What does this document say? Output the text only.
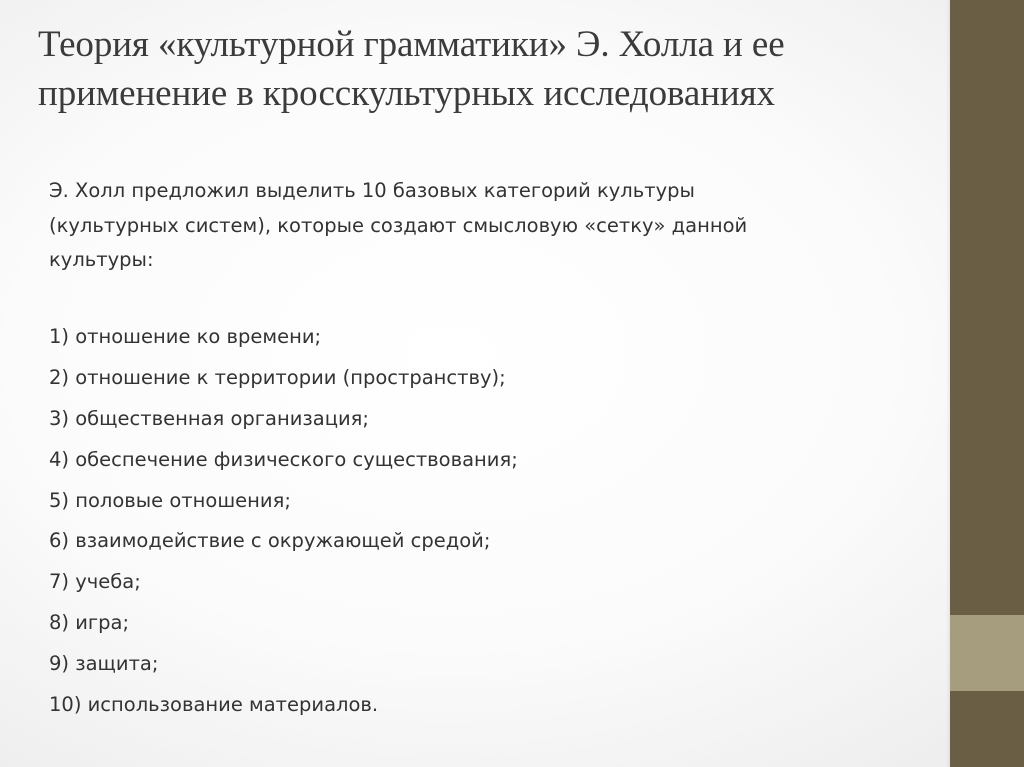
Теория «культурной грамматики» Э. Холла и ее
применение в кросскультурных исследованиях

Э. Холл предложил выделить 10 базовых категорий культуры
(культурных систем), которые создают смысловую «сетку» данной
культуры:

1) отношение ко времени;
2) отношение к территории (пространству);
3) общественная организация;
4) обеспечение физического существования;
5) половые отношения;
6) взаимодействие с окружающей средой;
7) учеба;
8) игра;
9) защита;
10) использование материалов.
